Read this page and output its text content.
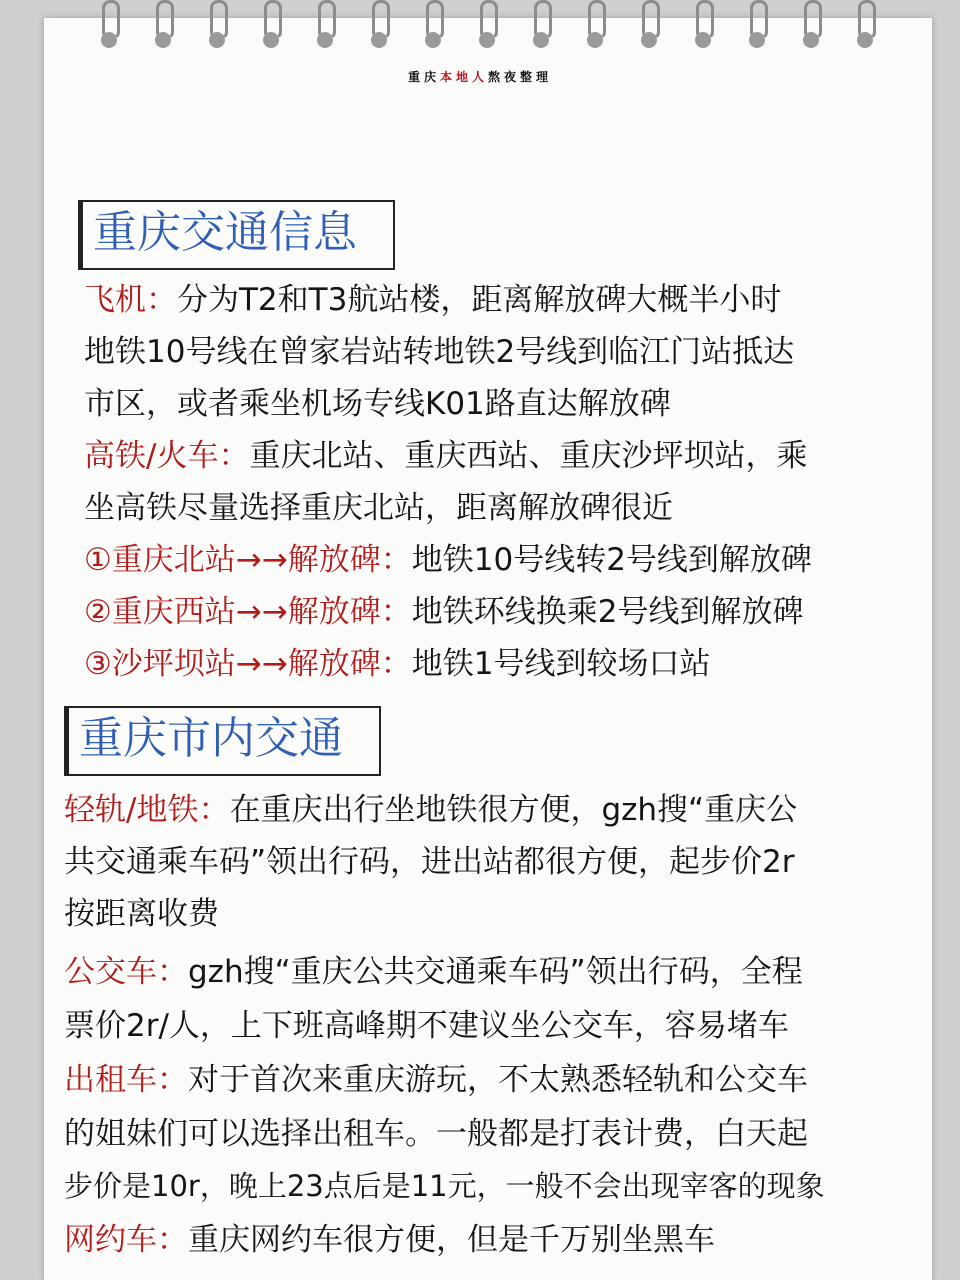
重庆本地人熬夜整理
重庆交通信息
飞机：分为T2和T3航站楼，距离解放碑大概半小时
地铁10号线在曾家岩站转地铁2号线到临江门站抵达
市区，或者乘坐机场专线K01路直达解放碑
高铁/火车：重庆北站、重庆西站、重庆沙坪坝站，乘
坐高铁尽量选择重庆北站，距离解放碑很近
①重庆北站→→解放碑：地铁10号线转2号线到解放碑
②重庆西站→→解放碑：地铁环线换乘2号线到解放碑
③沙坪坝站→→解放碑：地铁1号线到较场口站
重庆市内交通
轻轨/地铁：在重庆出行坐地铁很方便，gzh搜“重庆公
共交通乘车码”领出行码，进出站都很方便，起步价2r
按距离收费
公交车：gzh搜“重庆公共交通乘车码”领出行码，全程
票价2r/人，上下班高峰期不建议坐公交车，容易堵车
出租车：对于首次来重庆游玩，不太熟悉轻轨和公交车
的姐妹们可以选择出租车。一般都是打表计费，白天起
步价是10r，晚上23点后是11元，一般不会出现宰客的现象
网约车：重庆网约车很方便，但是千万别坐黑车
